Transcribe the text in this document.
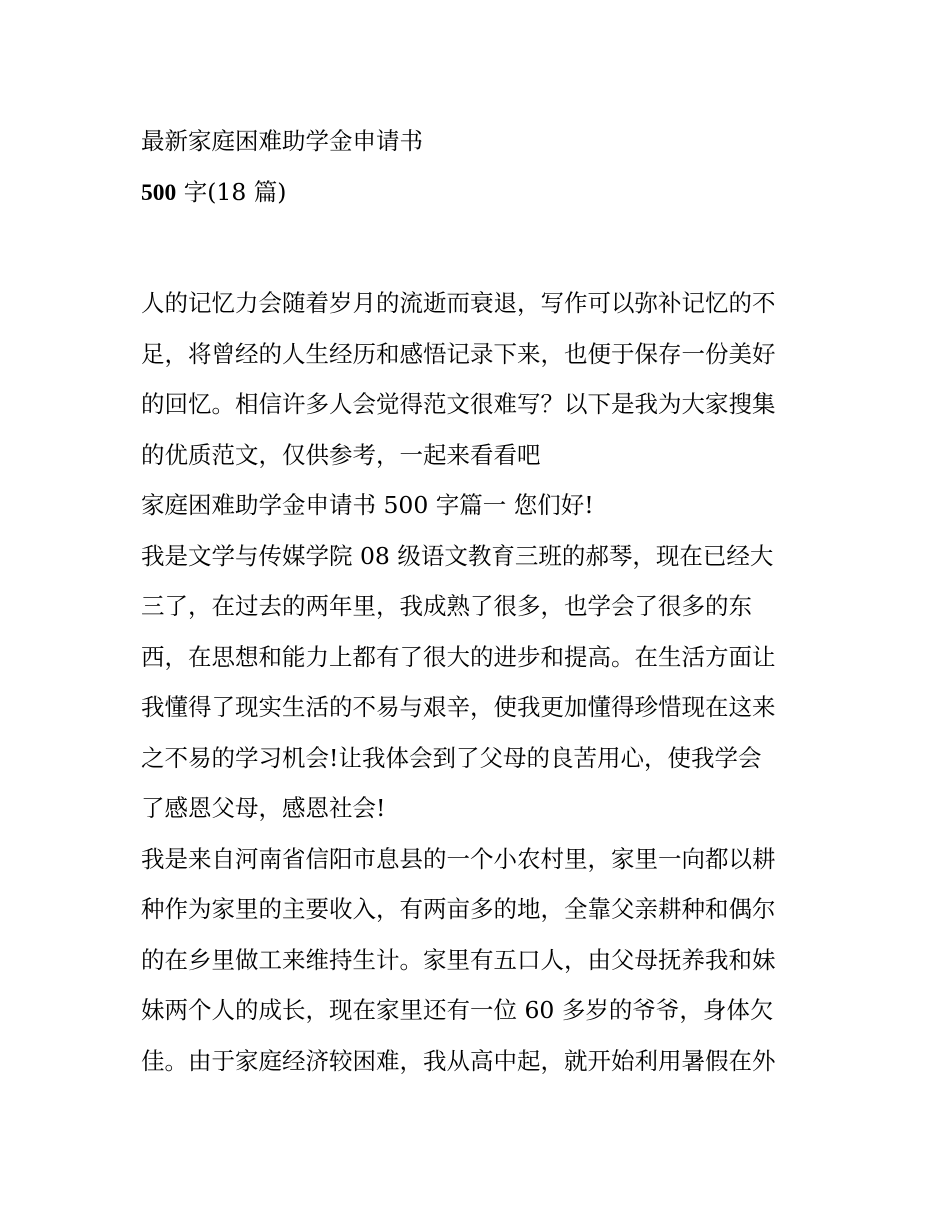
最新家庭困难助学金申请书
500 字(18 篇)
人的记忆力会随着岁月的流逝而衰退，写作可以弥补记忆的不
足，将曾经的人生经历和感悟记录下来，也便于保存一份美好
的回忆。相信许多人会觉得范文很难写？以下是我为大家搜集
的优质范文，仅供参考，一起来看看吧
家庭困难助学金申请书 500 字篇一 您们好!
我是文学与传媒学院 08 级语文教育三班的郝琴，现在已经大
三了，在过去的两年里，我成熟了很多，也学会了很多的东
西，在思想和能力上都有了很大的进步和提高。在生活方面让
我懂得了现实生活的不易与艰辛，使我更加懂得珍惜现在这来
之不易的学习机会!让我体会到了父母的良苦用心，使我学会
了感恩父母，感恩社会!
我是来自河南省信阳市息县的一个小农村里，家里一向都以耕
种作为家里的主要收入，有两亩多的地，全靠父亲耕种和偶尔
的在乡里做工来维持生计。家里有五口人，由父母抚养我和妹
妹两个人的成长，现在家里还有一位 60 多岁的爷爷，身体欠
佳。由于家庭经济较困难，我从高中起，就开始利用暑假在外
